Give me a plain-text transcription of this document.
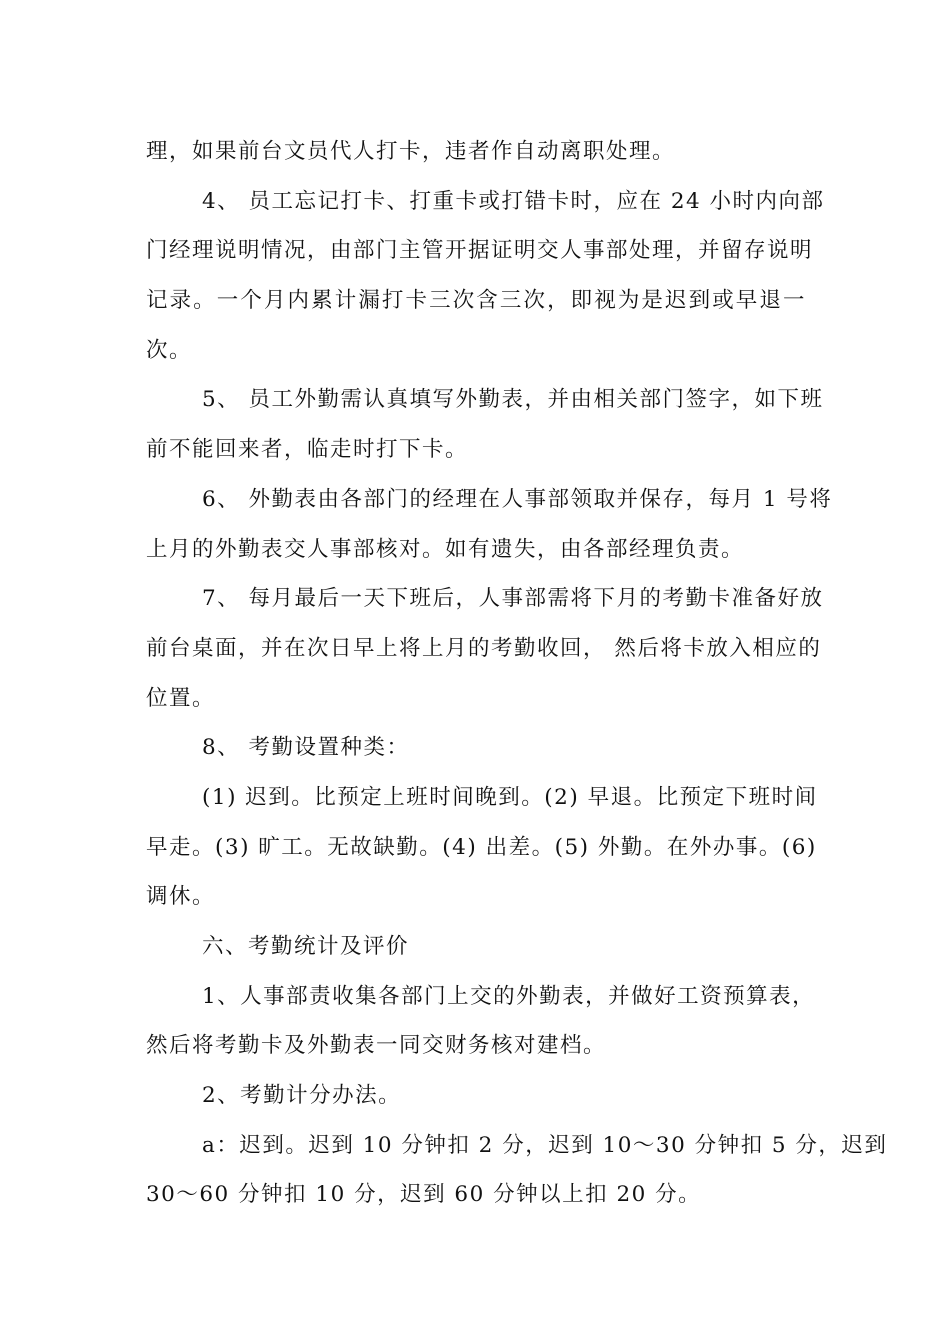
理，如果前台文员代人打卡，违者作自动离职处理。
4、 员工忘记打卡、打重卡或打错卡时，应在 24 小时内向部
门经理说明情况，由部门主管开据证明交人事部处理，并留存说明
记录。一个月内累计漏打卡三次含三次，即视为是迟到或早退一
次。
5、 员工外勤需认真填写外勤表，并由相关部门签字，如下班
前不能回来者，临走时打下卡。
6、 外勤表由各部门的经理在人事部领取并保存，每月 1 号将
上月的外勤表交人事部核对。如有遗失，由各部经理负责。
7、 每月最后一天下班后，人事部需将下月的考勤卡准备好放
前台桌面，并在次日早上将上月的考勤收回， 然后将卡放入相应的
位置。
8、 考勤设置种类：
(1) 迟到。比预定上班时间晚到。(2) 早退。比预定下班时间
早走。(3) 旷工。无故缺勤。(4) 出差。(5) 外勤。在外办事。(6)
调休。
六、考勤统计及评价
1、人事部责收集各部门上交的外勤表，并做好工资预算表，
然后将考勤卡及外勤表一同交财务核对建档。
2、考勤计分办法。
a：迟到。迟到 10 分钟扣 2 分，迟到 10～30 分钟扣 5 分，迟到
30～60 分钟扣 10 分，迟到 60 分钟以上扣 20 分。
